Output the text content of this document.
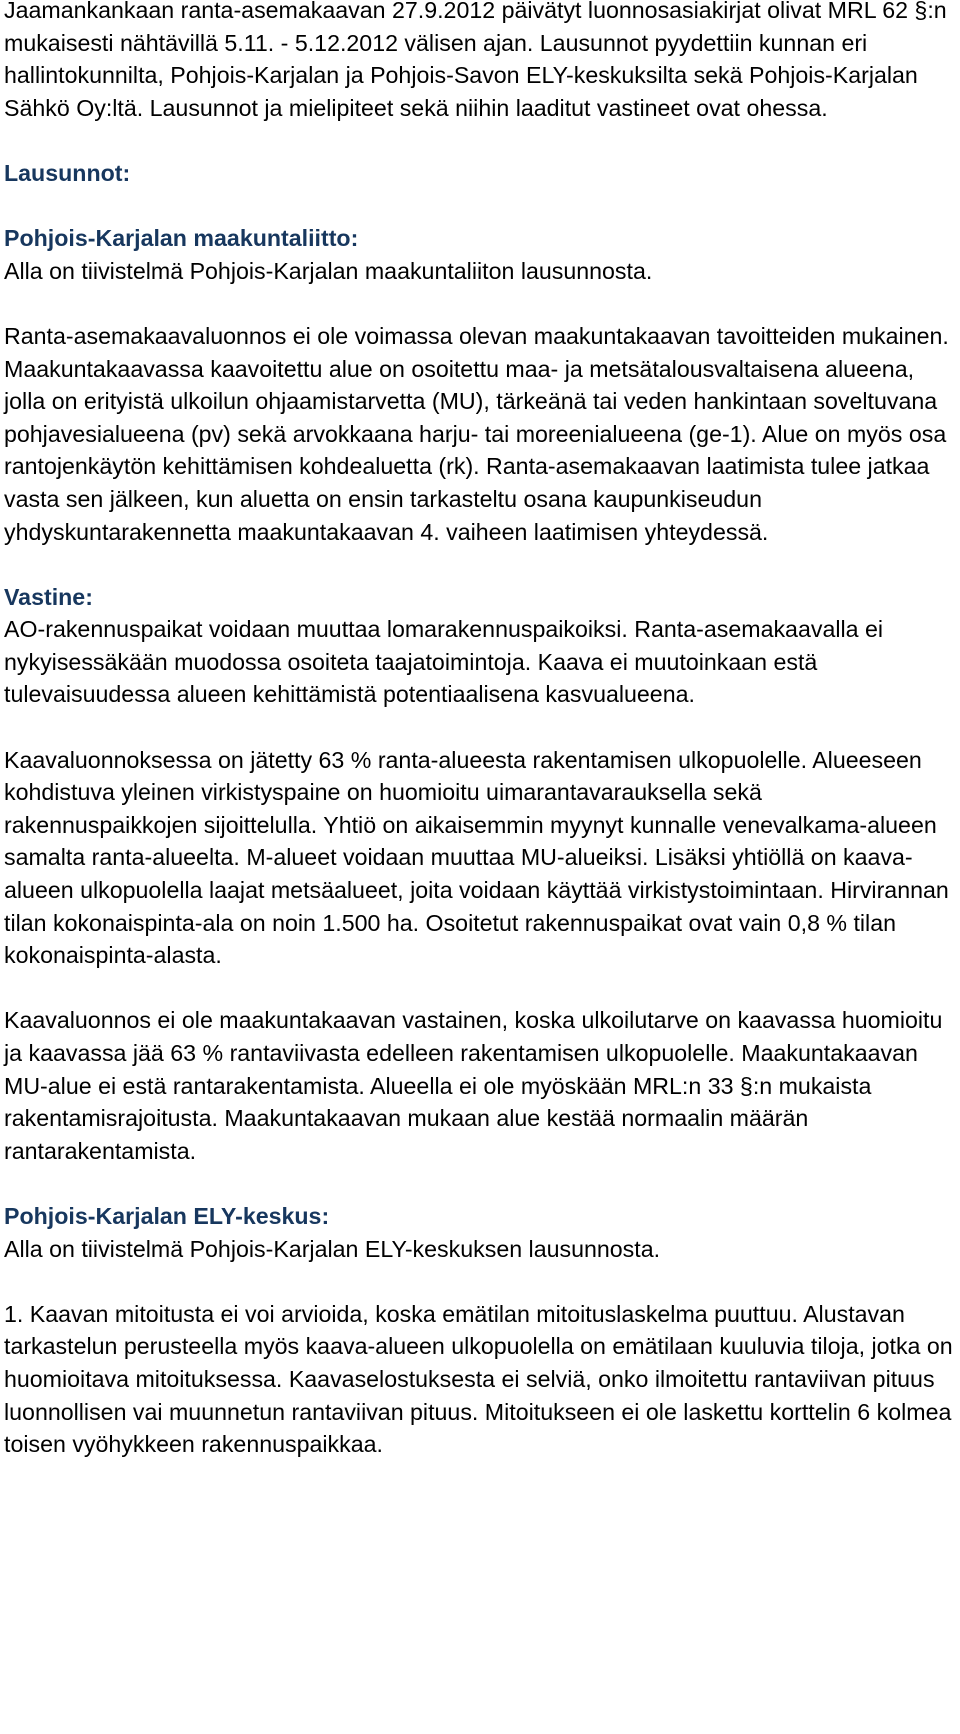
Jaamankankaan ranta-asemakaavan 27.9.2012 päivätyt luonnosasiakirjat olivat MRL 62 §:n mukaisesti nähtävillä 5.11. - 5.12.2012 välisen ajan. Lausunnot pyydettiin kunnan eri hallintokunnilta, Pohjois-Karjalan ja Pohjois-Savon ELY-keskuksilta sekä Pohjois-Karjalan Sähkö Oy:ltä. Lausunnot ja mielipiteet sekä niihin laaditut vastineet ovat ohessa.

Lausunnot:

Pohjois-Karjalan maakuntaliitto:

Alla on tiivistelmä Pohjois-Karjalan maakuntaliiton lausunnosta.

Ranta-asemakaavaluonnos ei ole voimassa olevan maakuntakaavan tavoitteiden mukainen. Maakuntakaavassa kaavoitettu alue on osoitettu maa- ja metsätalousvaltaisena alueena, jolla on erityistä ulkoilun ohjaamistarvetta (MU), tärkeänä tai veden hankintaan soveltuvana pohjavesialueena (pv) sekä arvokkaana harju- tai moreenialueena (ge-1). Alue on myös osa rantojenkäytön kehittämisen kohdealuetta (rk). Ranta-asemakaavan laatimista tulee jatkaa vasta sen jälkeen, kun aluetta on ensin tarkasteltu osana kaupunkiseudun yhdyskuntarakennetta maakuntakaavan 4. vaiheen laatimisen yhteydessä.

Vastine:

AO-rakennuspaikat voidaan muuttaa lomarakennuspaikoiksi. Ranta-asemakaavalla ei nykyisessäkään muodossa osoiteta taajatoimintoja. Kaava ei muutoinkaan estä tulevaisuudessa alueen kehittämistä potentiaalisena kasvualueena.

Kaavaluonnoksessa on jätetty 63 % ranta-alueesta rakentamisen ulkopuolelle. Alueeseen kohdistuva yleinen virkistyspaine on huomioitu uimarantavarauksella sekä rakennuspaikkojen sijoittelulla. Yhtiö on aikaisemmin myynyt kunnalle venevalkama-alueen samalta ranta-alueelta. M-alueet voidaan muuttaa MU-alueiksi. Lisäksi yhtiöllä on kaava-alueen ulkopuolella laajat metsäalueet, joita voidaan käyttää virkistystoimintaan. Hirvirannan tilan kokonaispinta-ala on noin 1.500 ha. Osoitetut rakennuspaikat ovat vain 0,8 % tilan kokonaispinta-alasta.

Kaavaluonnos ei ole maakuntakaavan vastainen, koska ulkoilutarve on kaavassa huomioitu ja kaavassa jää 63 % rantaviivasta edelleen rakentamisen ulkopuolelle. Maakuntakaavan MU-alue ei estä rantarakentamista. Alueella ei ole myöskään MRL:n 33 §:n mukaista rakentamisrajoitusta. Maakuntakaavan mukaan alue kestää normaalin määrän rantarakentamista.

Pohjois-Karjalan ELY-keskus:

Alla on tiivistelmä Pohjois-Karjalan ELY-keskuksen lausunnosta.

1. Kaavan mitoitusta ei voi arvioida, koska emätilan mitoituslaskelma puuttuu. Alustavan tarkastelun perusteella myös kaava-alueen ulkopuolella on emätilaan kuuluvia tiloja, jotka on huomioitava mitoituksessa. Kaavaselostuksesta ei selviä, onko ilmoitettu rantaviivan pituus luonnollisen vai muunnetun rantaviivan pituus. Mitoitukseen ei ole laskettu korttelin 6 kolmea toisen vyöhykkeen rakennuspaikkaa.
